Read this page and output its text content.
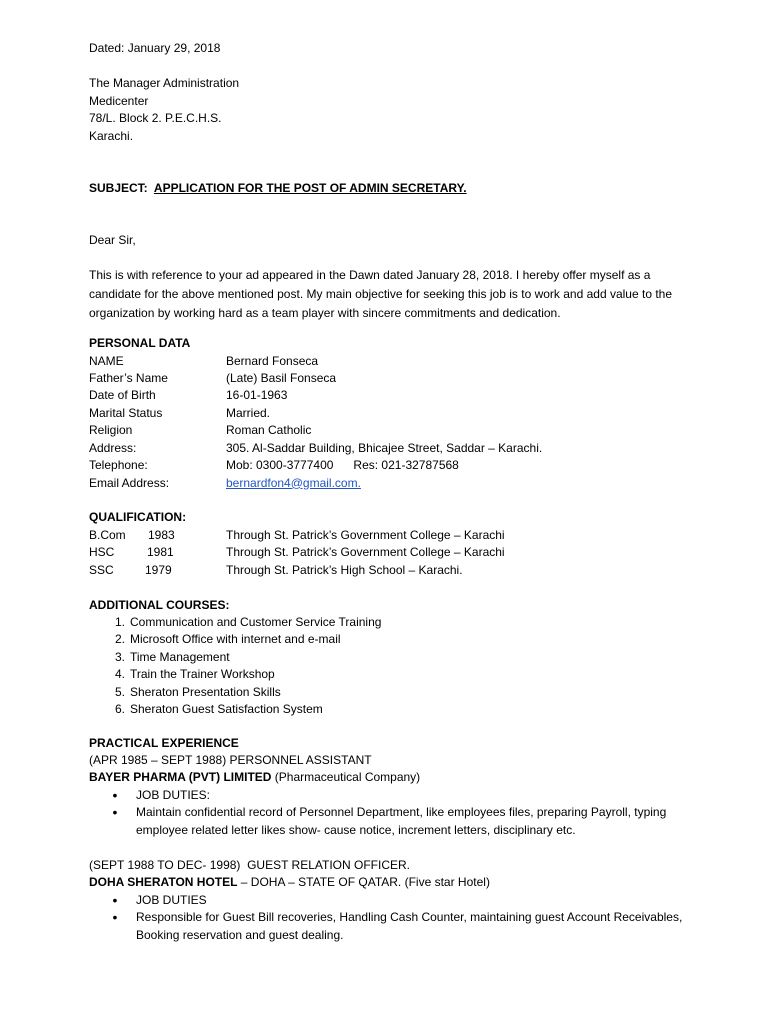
Dated: January 29, 2018

The Manager Administration

Medicenter

78/L. Block 2. P.E.C.H.S.

Karachi.

SUBJECT: APPLICATION FOR THE POST OF ADMIN SECRETARY.

Dear Sir,

This is with reference to your ad appeared in the Dawn dated January 28, 2018. I hereby offer myself as a candidate for the above mentioned post. My main objective for seeking this job is to work and add value to the organization by working hard as a team player with sincere commitments and dedication.

PERSONAL DATA

NAME	Bernard Fonseca

Father’s Name	(Late) Basil Fonseca

Date of Birth	16-01-1963

Marital Status	Married.

Religion	Roman Catholic

Address:	305. Al-Saddar Building, Bhicajee Street, Saddar – Karachi.

Telephone:	Mob: 0300-3777400      Res: 021-32787568

Email Address:	bernardfon4@gmail.com.

QUALIFICATION:

B.Com 1983	Through St. Patrick’s Government College – Karachi

HSC	1981	Through St. Patrick’s Government College – Karachi

SSC	1979	Through St. Patrick’s High School – Karachi.

ADDITIONAL COURSES:

1. Communication and Customer Service Training
2. Microsoft Office with internet and e-mail
3. Time Management
4. Train the Trainer Workshop
5. Sheraton Presentation Skills
6. Sheraton Guest Satisfaction System

PRACTICAL EXPERIENCE

(APR 1985 – SEPT 1988) PERSONNEL ASSISTANT

BAYER PHARMA (PVT) LIMITED (Pharmaceutical Company)

•	JOB DUTIES:
•	Maintain confidential record of Personnel Department, like employees files, preparing Payroll, typing employee related letter likes show- cause notice, increment letters, disciplinary etc.

(SEPT 1988 TO DEC- 1998)  GUEST RELATION OFFICER.

DOHA SHERATON HOTEL – DOHA – STATE OF QATAR. (Five star Hotel)

•	JOB DUTIES
•	Responsible for Guest Bill recoveries, Handling Cash Counter, maintaining guest Account Receivables, Booking reservation and guest dealing.
